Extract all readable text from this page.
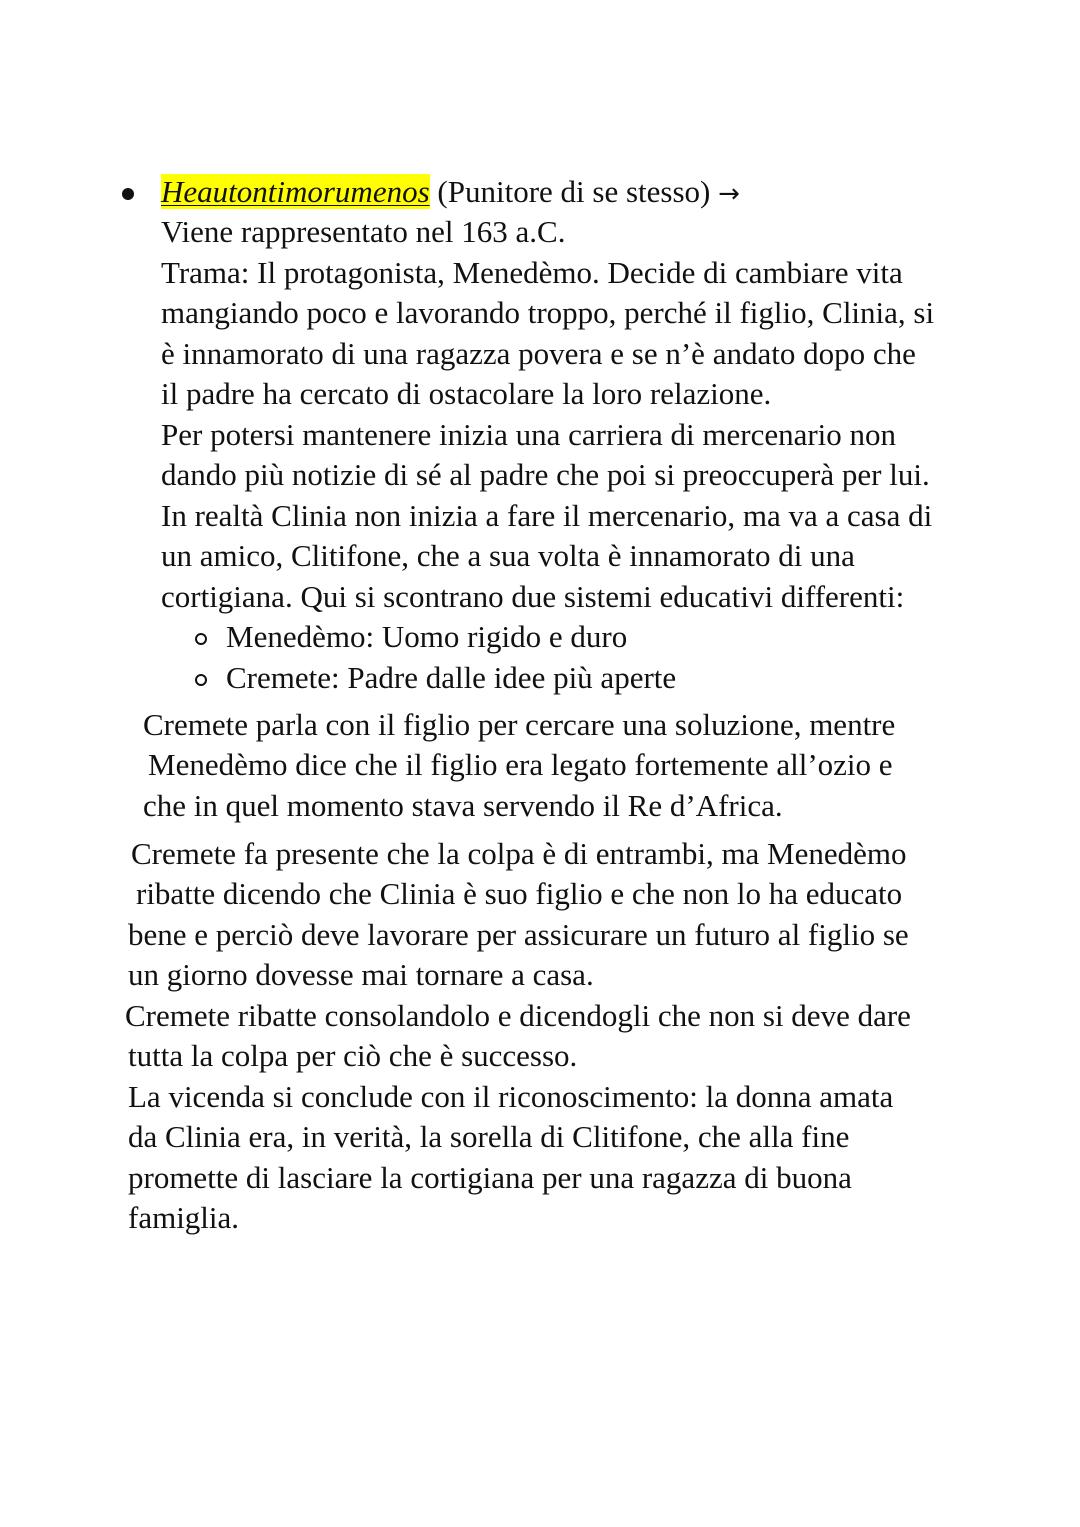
Heautontimorumenos (Punitore di se stesso) →

Viene rappresentato nel 163 a.C.

Trama: Il protagonista, Menedèmo. Decide di cambiare vita

mangiando poco e lavorando troppo, perché il figlio, Clinia, si

è innamorato di una ragazza povera e se n’è andato dopo che

il padre ha cercato di ostacolare la loro relazione.

Per potersi mantenere inizia una carriera di mercenario non

dando più notizie di sé al padre che poi si preoccuperà per lui.

In realtà Clinia non inizia a fare il mercenario, ma va a casa di

un amico, Clitifone, che a sua volta è innamorato di una

cortigiana. Qui si scontrano due sistemi educativi differenti:

Menedèmo: Uomo rigido e duro

Cremete: Padre dalle idee più aperte

Cremete parla con il figlio per cercare una soluzione, mentre

Menedèmo dice che il figlio era legato fortemente all’ozio e

che in quel momento stava servendo il Re d’Africa.

Cremete fa presente che la colpa è di entrambi, ma Menedèmo

ribatte dicendo che Clinia è suo figlio e che non lo ha educato

bene e perciò deve lavorare per assicurare un futuro al figlio se

un giorno dovesse mai tornare a casa.

Cremete ribatte consolandolo e dicendogli che non si deve dare

tutta la colpa per ciò che è successo.

La vicenda si conclude con il riconoscimento: la donna amata

da Clinia era, in verità, la sorella di Clitifone, che alla fine

promette di lasciare la cortigiana per una ragazza di buona

famiglia.
